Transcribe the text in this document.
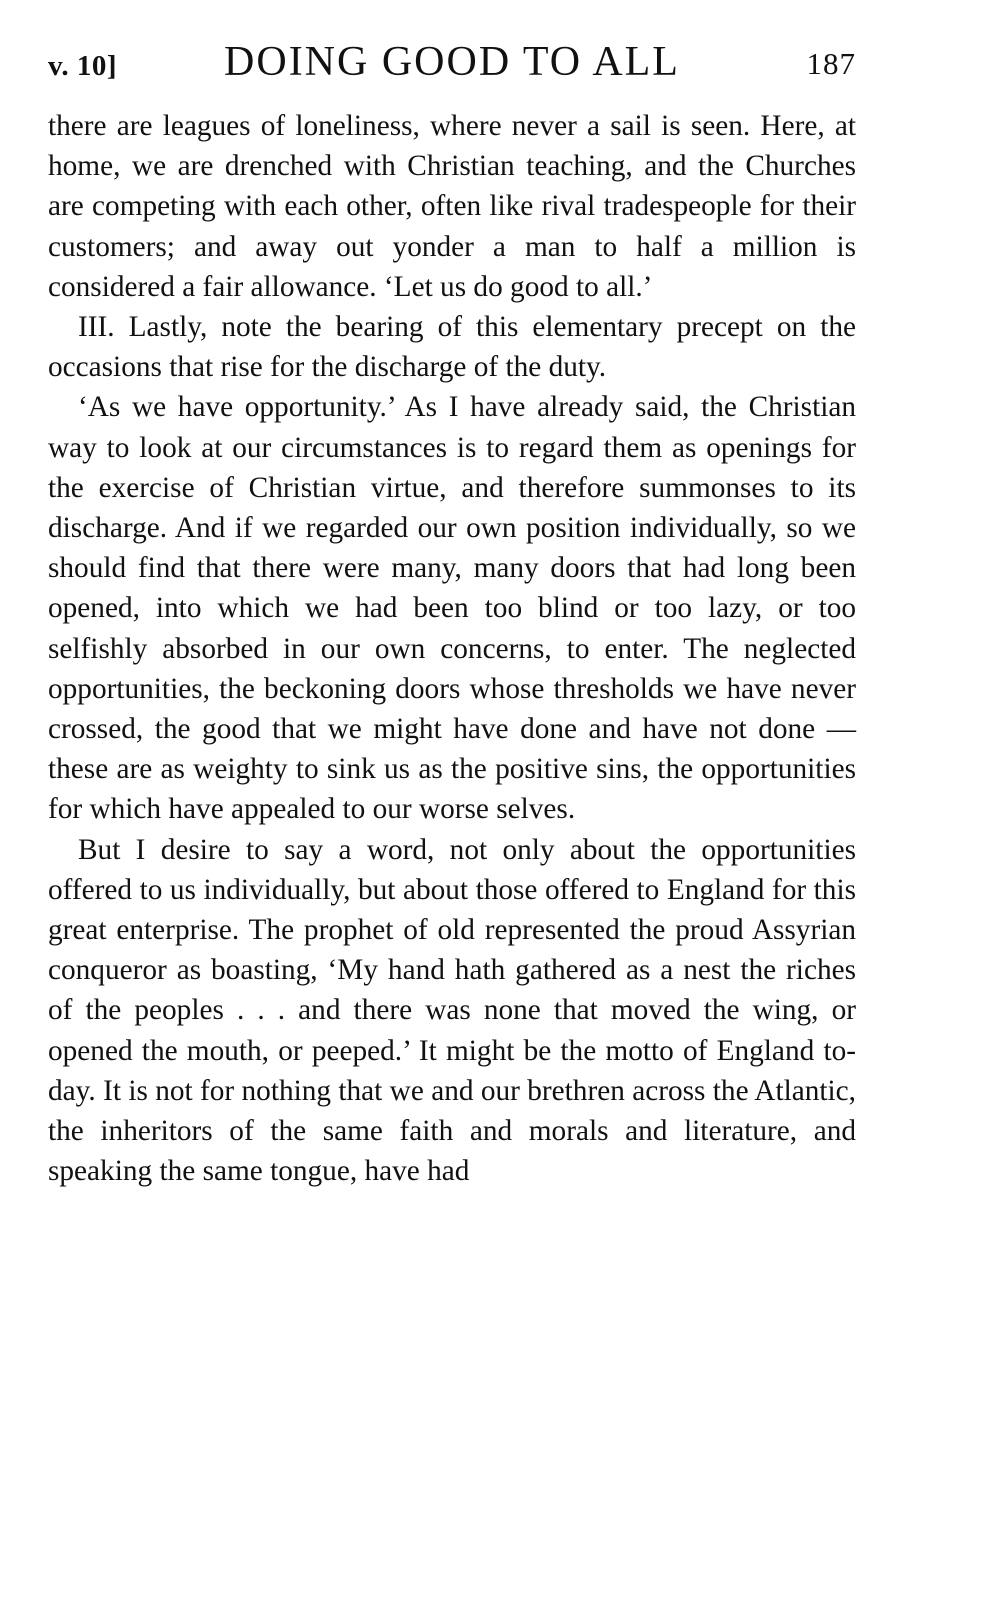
v. 10]	DOING GOOD TO ALL	187

there are leagues of loneliness, where never a sail is seen. Here, at home, we are drenched with Christian teaching, and the Churches are competing with each other, often like rival tradespeople for their customers; and away out yonder a man to half a million is considered a fair allowance. ‘Let us do good to all.’

III. Lastly, note the bearing of this elementary precept on the occasions that rise for the discharge of the duty.

‘As we have opportunity.’ As I have already said, the Christian way to look at our circumstances is to regard them as openings for the exercise of Christian virtue, and therefore summonses to its discharge. And if we regarded our own position individually, so we should find that there were many, many doors that had long been opened, into which we had been too blind or too lazy, or too selfishly absorbed in our own concerns, to enter. The neglected opportunities, the beckoning doors whose thresholds we have never crossed, the good that we might have done and have not done — these are as weighty to sink us as the positive sins, the opportunities for which have appealed to our worse selves.

But I desire to say a word, not only about the opportunities offered to us individually, but about those offered to England for this great enterprise. The prophet of old represented the proud Assyrian conqueror as boasting, ‘My hand hath gathered as a nest the riches of the peoples . . . and there was none that moved the wing, or opened the mouth, or peeped.’ It might be the motto of England to-day. It is not for nothing that we and our brethren across the Atlantic, the inheritors of the same faith and morals and literature, and speaking the same tongue, have had
